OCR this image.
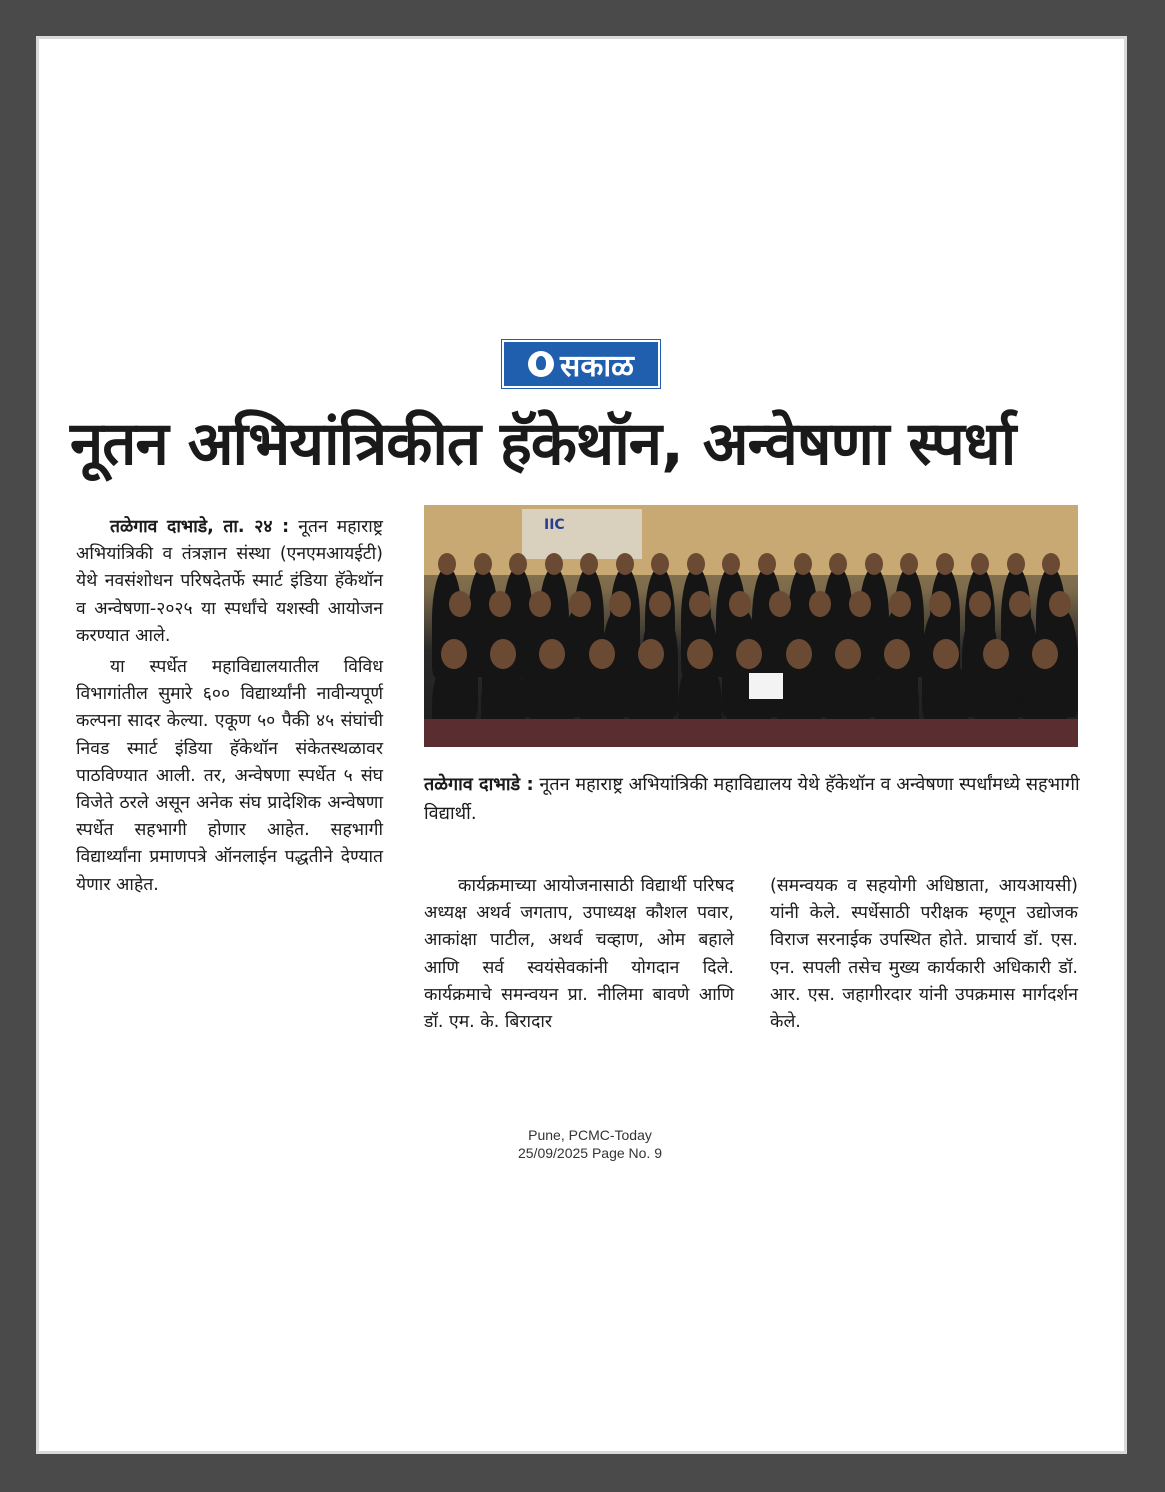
सकाळ
नूतन अभियांत्रिकीत हॅकेथॉन, अन्वेषणा स्पर्धा

तळेगाव दाभाडे, ता. २४ : नूतन महाराष्ट्र अभियांत्रिकी व तंत्रज्ञान संस्था (एनएमआयईटी) येथे नवसंशोधन परिषदेतर्फे स्मार्ट इंडिया हॅकेथॉन व अन्वेषणा-२०२५ या स्पर्धांचे यशस्वी आयोजन करण्यात आले.

या स्पर्धेत महाविद्यालयातील विविध विभागांतील सुमारे ६०० विद्यार्थ्यांनी नावीन्यपूर्ण कल्पना सादर केल्या. एकूण ५० पैकी ४५ संघांची निवड स्मार्ट इंडिया हॅकेथॉन संकेतस्थळावर पाठविण्यात आली. तर, अन्वेषणा स्पर्धेत ५ संघ विजेते ठरले असून अनेक संघ प्रादेशिक अन्वेषणा स्पर्धेत सहभागी होणार आहेत. सहभागी विद्यार्थ्यांना प्रमाणपत्रे ऑनलाईन पद्धतीने देण्यात येणार आहेत.

IIC
तळेगाव दाभाडे : नूतन महाराष्ट्र अभियांत्रिकी महाविद्यालय येथे हॅकेथॉन व अन्वेषणा स्पर्धांमध्ये सहभागी विद्यार्थी.

कार्यक्रमाच्या आयोजनासाठी विद्यार्थी परिषद अध्यक्ष अथर्व जगताप, उपाध्यक्ष कौशल पवार, आकांक्षा पाटील, अथर्व चव्हाण, ओम बहाले आणि सर्व स्वयंसेवकांनी योगदान दिले. कार्यक्रमाचे समन्वयन प्रा. नीलिमा बावणे आणि डॉ. एम. के. बिरादार

(समन्वयक व सहयोगी अधिष्ठाता, आयआयसी) यांनी केले. स्पर्धेसाठी परीक्षक म्हणून उद्योजक विराज सरनाईक उपस्थित होते. प्राचार्य डॉ. एस. एन. सपली तसेच मुख्य कार्यकारी अधिकारी डॉ. आर. एस. जहागीरदार यांनी उपक्रमास मार्गदर्शन केले.

Pune, PCMC-Today
25/09/2025 Page No. 9
